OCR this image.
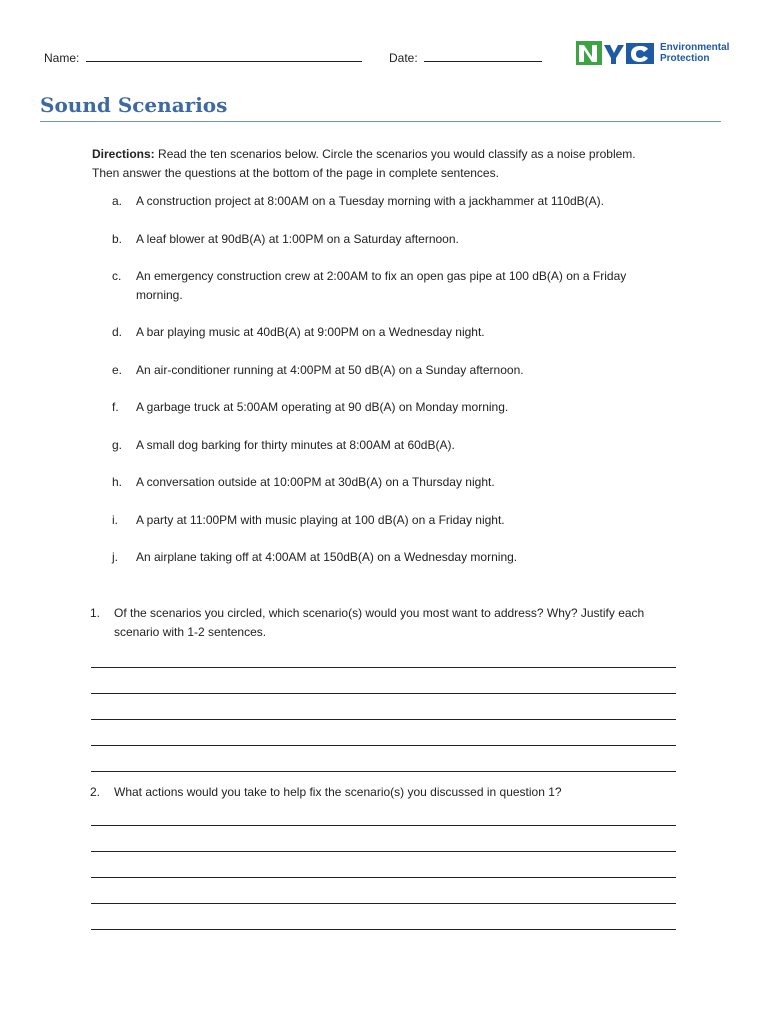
Name:	Date:
Environmental
Protection
Sound Scenarios
Directions: Read the ten scenarios below. Circle the scenarios you would classify as a noise problem.
Then answer the questions at the bottom of the page in complete sentences.
a.	A construction project at 8:00AM on a Tuesday morning with a jackhammer at 110dB(A).
b.	A leaf blower at 90dB(A) at 1:00PM on a Saturday afternoon.
c.	An emergency construction crew at 2:00AM to fix an open gas pipe at 100 dB(A) on a Friday morning.
d.	A bar playing music at 40dB(A) at 9:00PM on a Wednesday night.
e.	An air-conditioner running at 4:00PM at 50 dB(A) on a Sunday afternoon.
f.	A garbage truck at 5:00AM operating at 90 dB(A) on Monday morning.
g.	A small dog barking for thirty minutes at 8:00AM at 60dB(A).
h.	A conversation outside at 10:00PM at 30dB(A) on a Thursday night.
i.	A party at 11:00PM with music playing at 100 dB(A) on a Friday night.
j.	An airplane taking off at 4:00AM at 150dB(A) on a Wednesday morning.
1. Of the scenarios you circled, which scenario(s) would you most want to address? Why? Justify each scenario with 1-2 sentences.
2. What actions would you take to help fix the scenario(s) you discussed in question 1?
